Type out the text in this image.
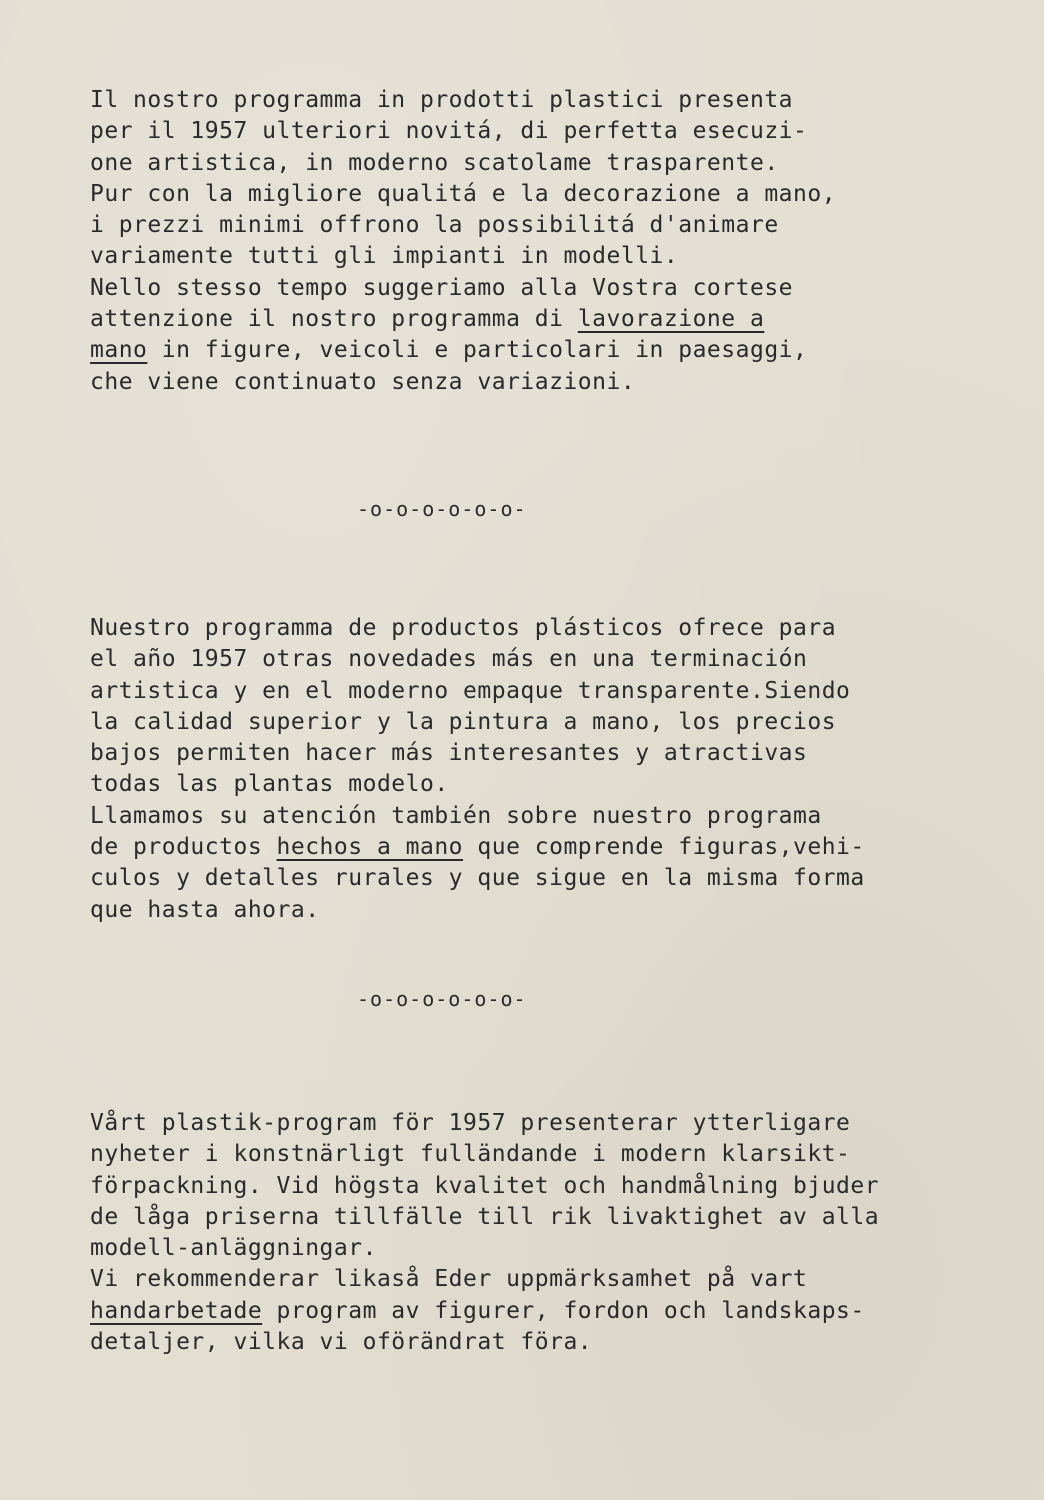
Il nostro programma in prodotti plastici presenta
per il 1957 ulteriori novitá, di perfetta esecuzi-
one artistica, in moderno scatolame trasparente.
Pur con la migliore qualitá e la decorazione a mano,
i prezzi minimi offrono la possibilitá d'animare
variamente tutti gli impianti in modelli.
Nello stesso tempo suggeriamo alla Vostra cortese
attenzione il nostro programma di lavorazione a
mano in figure, veicoli e particolari in paesaggi,
che viene continuato senza variazioni.
-o-o-o-o-o-o-
Nuestro programma de productos plásticos ofrece para
el año 1957 otras novedades más en una terminación
artistica y en el moderno empaque transparente.Siendo
la calidad superior y la pintura a mano, los precios
bajos permiten hacer más interesantes y atractivas
todas las plantas modelo.
Llamamos su atención también sobre nuestro programa
de productos hechos a mano que comprende figuras,vehi-
culos y detalles rurales y que sigue en la misma forma
que hasta ahora.
-o-o-o-o-o-o-
Vårt plastik-program för 1957 presenterar ytterligare
nyheter i konstnärligt fulländande i modern klarsikt-
förpackning. Vid högsta kvalitet och handmålning bjuder
de låga priserna tillfälle till rik livaktighet av alla
modell-anläggningar.
Vi rekommenderar likaså Eder uppmärksamhet på vart
handarbetade program av figurer, fordon och landskaps-
detaljer, vilka vi oförändrat föra.
